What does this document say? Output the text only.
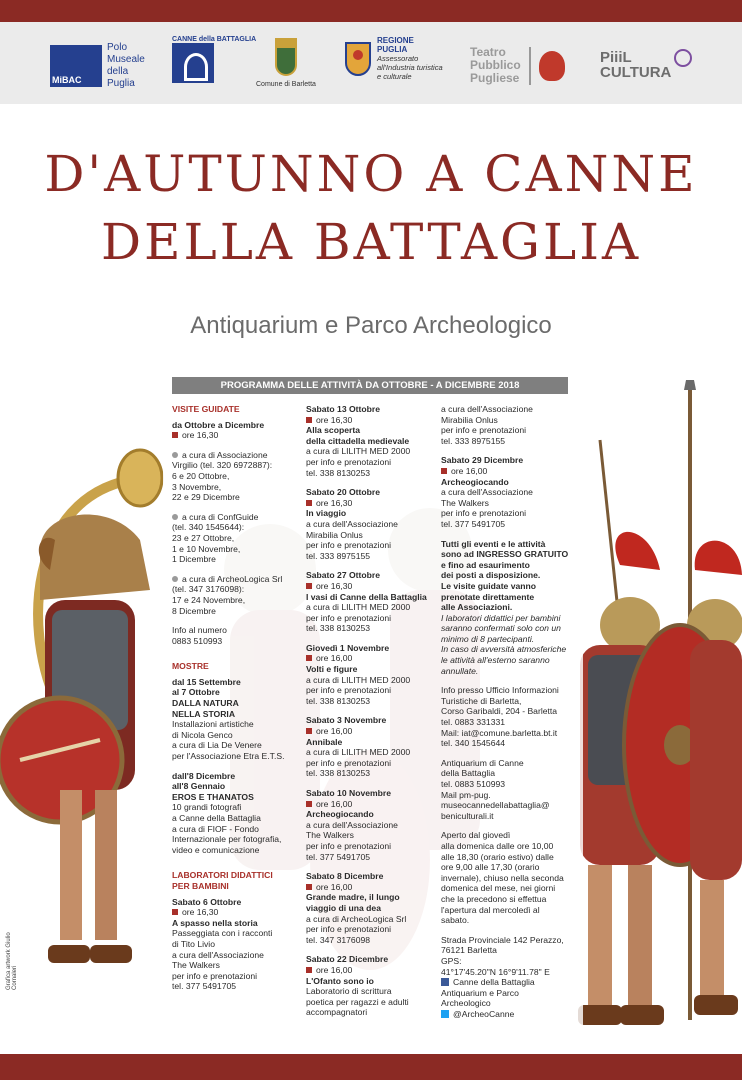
MiBAC
Polo
Museale
della
Puglia
CANNE della BATTAGLIA
Comune di Barletta
REGIONE
PUGLIA
Assessorato
all'Industria turistica
e culturale
Teatro
Pubblico
Pugliese
PiiiL
CULTURA
D'AUTUNNO A CANNE
DELLA BATTAGLIA
Antiquarium e Parco Archeologico
PROGRAMMA DELLE ATTIVITÀ DA OTTOBRE - A DICEMBRE 2018
VISITE GUIDATE
da Ottobre a Dicembre
ore 16,30
a cura di Associazione
Virgilio (tel. 320 6972887):
6 e 20 Ottobre,
3 Novembre,
22 e 29 Dicembre
a cura di ConfGuide
(tel. 340 1545644):
23 e 27 Ottobre,
1 e 10 Novembre,
1 Dicembre
a cura di ArcheoLogica Srl
(tel. 347 3176098):
17 e 24 Novembre,
8 Dicembre
Info al numero
0883 510993
MOSTRE
dal 15 Settembre
al 7 Ottobre
DALLA NATURA
NELLA STORIA
Installazioni artistiche
di Nicola Genco
a cura di Lia De Venere
per l'Associazione Etra E.T.S.
dall'8 Dicembre
all'8 Gennaio
EROS E THANATOS
10 grandi fotografi
a Canne della Battaglia
a cura di FIOF - Fondo
Internazionale per fotografia,
video e comunicazione
LABORATORI DIDATTICI
PER BAMBINI
Sabato 6 Ottobre
ore 16,30
A spasso nella storia
Passeggiata con i racconti
di Tito Livio
a cura dell'Associazione
The Walkers
per info e prenotazioni
tel. 377 5491705
Sabato 13 Ottobre
ore 16,30
Alla scoperta
della cittadella medievale
a cura di LILITH MED 2000
per info e prenotazioni
tel. 338 8130253
Sabato 20 Ottobre
ore 16,30
In viaggio
a cura dell'Associazione
Mirabilia Onlus
per info e prenotazioni
tel. 333 8975155
Sabato 27 Ottobre
ore 16,30
I vasi di Canne della Battaglia
a cura di LILITH MED 2000
per info e prenotazioni
tel. 338 8130253
Giovedì 1 Novembre
ore 16,00
Volti e figure
a cura di LILITH MED 2000
per info e prenotazioni
tel. 338 8130253
Sabato 3 Novembre
ore 16,00
Annibale
a cura di LILITH MED 2000
per info e prenotazioni
tel. 338 8130253
Sabato 10 Novembre
ore 16,00
Archeogiocando
a cura dell'Associazione
The Walkers
per info e prenotazioni
tel. 377 5491705
Sabato 8 Dicembre
ore 16,00
Grande madre, il lungo
viaggio di una dea
a cura di ArcheoLogica Srl
per info e prenotazioni
tel. 347 3176098
Sabato 22 Dicembre
ore 16,00
L'Ofanto sono io
Laboratorio di scrittura
poetica per ragazzi e adulti
accompagnatori
a cura dell'Associazione
Mirabilia Onlus
per info e prenotazioni
tel. 333 8975155
Sabato 29 Dicembre
ore 16,00
Archeogiocando
a cura dell'Associazione
The Walkers
per info e prenotazioni
tel. 377 5491705
Tutti gli eventi e le attività
sono ad INGRESSO GRATUITO
e fino ad esaurimento
dei posti a disposizione.
Le visite guidate vanno
prenotate direttamente
alle Associazioni.
I laboratori didattici per bambini
saranno confermati solo con un
minimo di 8 partecipanti.
In caso di avversità atmosferiche
le attività all'esterno saranno
annullate.
Info presso Ufficio Informazioni
Turistiche di Barletta,
Corso Garibaldi, 204 - Barletta
tel. 0883 331331
Mail: iat@comune.barletta.bt.it
tel. 340 1545644
Antiquarium di Canne
della Battaglia
tel. 0883 510993
Mail pm-pug.
museocannedellabattaglia@
beniculturali.it
Aperto dal giovedì
alla domenica dalle ore 10,00
alle 18,30 (orario estivo) dalle
ore 9,00 alle 17,30 (orario
invernale), chiuso nella seconda
domenica del mese, nei giorni
che la precedono si effettua
l'apertura dal mercoledì al
sabato.
Strada Provinciale 142 Perazzo,
76121 Barletta
GPS:
41°17'45.20"N 16°9'11.78" E
Canne della Battaglia
Antiquarium e Parco
Archeologico
@ArcheoCanne
Grafica artwork Giulio Cornaleri
